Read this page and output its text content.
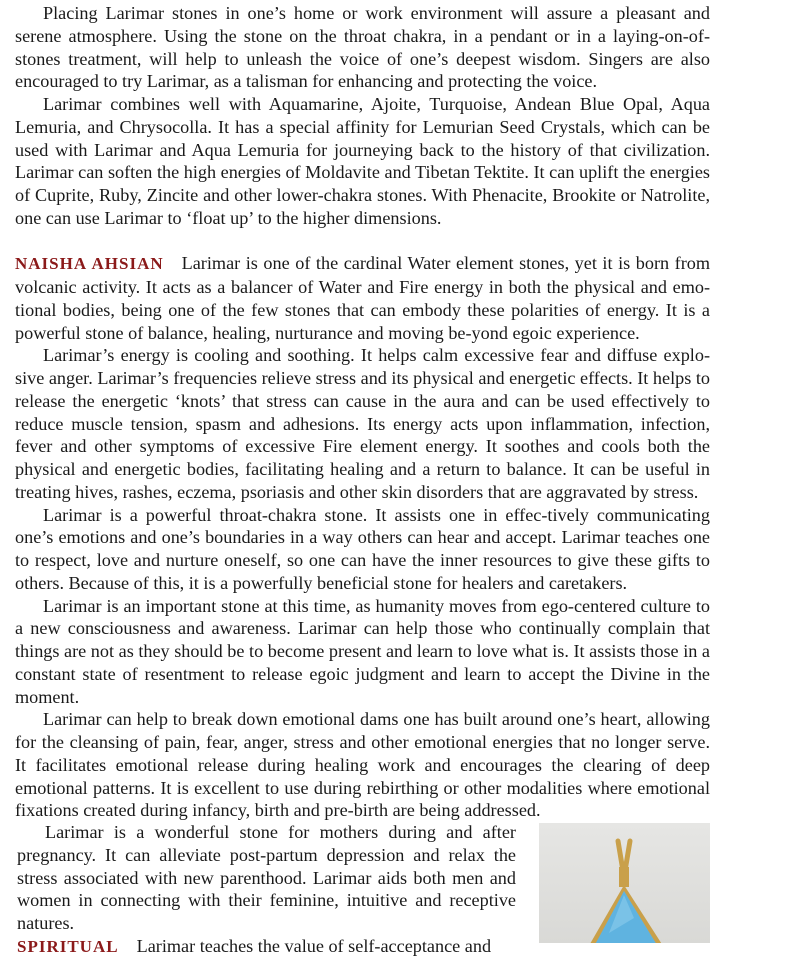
Placing Larimar stones in one’s home or work environment will assure a pleasant and serene atmosphere. Using the stone on the throat chakra, in a pendant or in a laying-on-of-stones treatment, will help to unleash the voice of one’s deepest wisdom. Singers are also encouraged to try Larimar, as a talisman for enhancing and protecting the voice.

Larimar combines well with Aquamarine, Ajoite, Turquoise, Andean Blue Opal, Aqua Lemuria, and Chrysocolla. It has a special affinity for Lemurian Seed Crystals, which can be used with Larimar and Aqua Lemuria for journeying back to the history of that civilization. Larimar can soften the high energies of Moldavite and Tibetan Tektite. It can uplift the energies of Cuprite, Ruby, Zincite and other lower-chakra stones. With Phenacite, Brookite or Natrolite, one can use Larimar to ‘float up’ to the higher dimensions.

NAISHA AHSIAN Larimar is one of the cardinal Water element stones, yet it is born from volcanic activity. It acts as a balancer of Water and Fire energy in both the physical and emotional bodies, being one of the few stones that can embody these polarities of energy. It is a powerful stone of balance, healing, nurturance and moving be-yond egoic experience.

Larimar’s energy is cooling and soothing. It helps calm excessive fear and diffuse explosive anger. Larimar’s frequencies relieve stress and its physical and energetic effects. It helps to release the energetic ‘knots’ that stress can cause in the aura and can be used effectively to reduce muscle tension, spasm and adhesions. Its energy acts upon inflammation, infection, fever and other symptoms of excessive Fire element energy. It soothes and cools both the physical and energetic bodies, facilitating healing and a return to balance. It can be useful in treating hives, rashes, eczema, psoriasis and other skin disorders that are aggravated by stress.

Larimar is a powerful throat-chakra stone. It assists one in effec-tively communicating one’s emotions and one’s boundaries in a way others can hear and accept. Larimar teaches one to respect, love and nurture oneself, so one can have the inner resources to give these gifts to others. Because of this, it is a powerfully beneficial stone for healers and caretakers.

Larimar is an important stone at this time, as humanity moves from ego-centered culture to a new consciousness and awareness. Larimar can help those who continually complain that things are not as they should be to become present and learn to love what is. It assists those in a constant state of resentment to release egoic judgment and learn to accept the Divine in the moment.

Larimar can help to break down emotional dams one has built around one’s heart, allowing for the cleansing of pain, fear, anger, stress and other emotional energies that no longer serve. It facilitates emotional release during healing work and encourages the clearing of deep emotional patterns. It is excellent to use during rebirthing or other modalities where emotional fixations created during infancy, birth and pre-birth are being addressed.

Larimar is a wonderful stone for mothers during and after pregnancy. It can alleviate post-partum depression and relax the stress associated with new parenthood. Larimar aids both men and women in connecting with their feminine, intuitive and receptive natures.

SPIRITUAL Larimar teaches the value of self-acceptance and
